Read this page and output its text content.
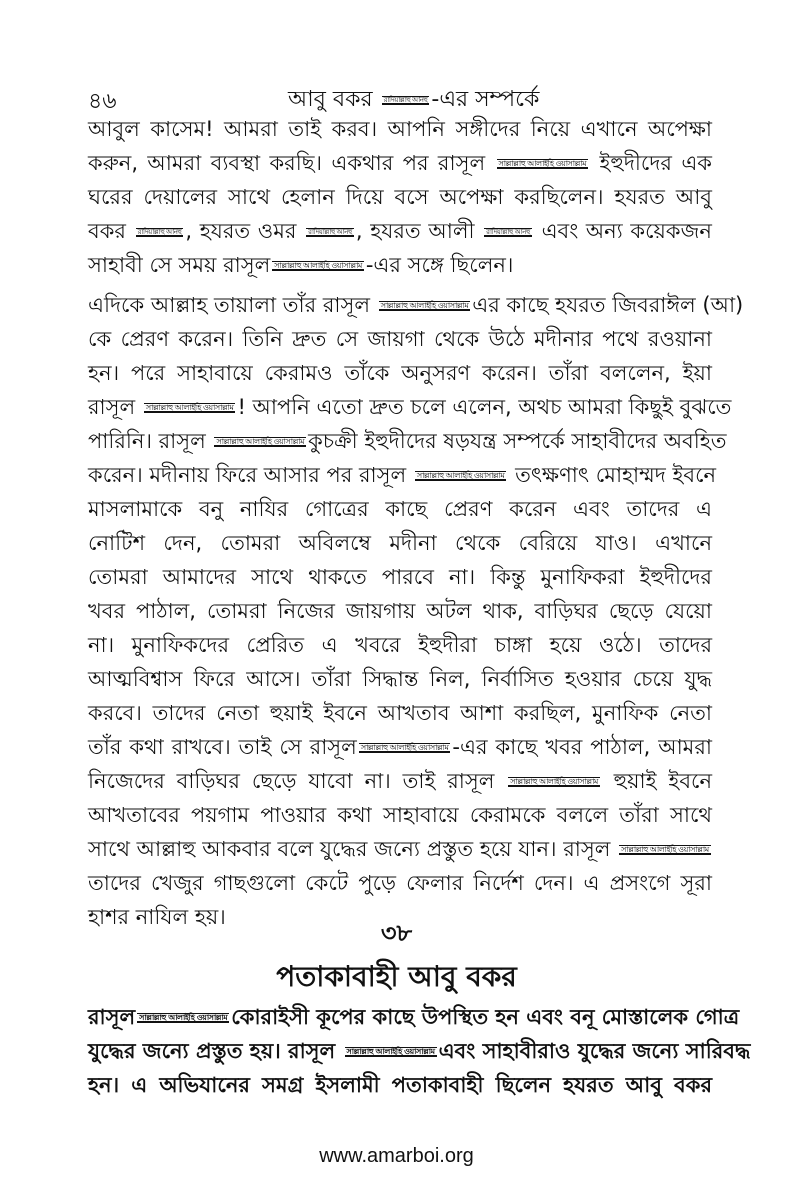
৪৬	আবু বকর রাদিয়াল্লাহু আনহু -এর সম্পর্কে
আবুল কাসেম! আমরা তাই করব। আপনি সঙ্গীদের নিয়ে এখানে অপেক্ষা
করুন, আমরা ব্যবস্থা করছি। একথার পর রাসূল সাল্লাল্লাহু আলাইহি ওয়াসাল্লাম ইহুদীদের এক
ঘরের দেয়ালের সাথে হেলান দিয়ে বসে অপেক্ষা করছিলেন। হযরত আবু
বকর রাদিয়াল্লাহু আনহু , হযরত ওমর রাদিয়াল্লাহু আনহু , হযরত আলী রাদিয়াল্লাহু আনহু এবং অন্য কয়েকজন
সাহাবী সে সময় রাসূল সাল্লাল্লাহু আলাইহি ওয়াসাল্লাম -এর সঙ্গে ছিলেন।
এদিকে আল্লাহ তায়ালা তাঁর রাসূল সাল্লাল্লাহু আলাইহি ওয়াসাল্লাম এর কাছে হযরত জিবরাঈল (আ)
কে প্রেরণ করেন। তিনি দ্রুত সে জায়গা থেকে উঠে মদীনার পথে রওয়ানা
হন। পরে সাহাবায়ে কেরামও তাঁকে অনুসরণ করেন। তাঁরা বললেন, ইয়া
রাসূল সাল্লাল্লাহু আলাইহি ওয়াসাল্লাম ! আপনি এতো দ্রুত চলে এলেন, অথচ আমরা কিছুই বুঝতে
পারিনি। রাসূল সাল্লাল্লাহু আলাইহি ওয়াসাল্লাম কুচক্রী ইহুদীদের ষড়যন্ত্র সম্পর্কে সাহাবীদের অবহিত
করেন। মদীনায় ফিরে আসার পর রাসূল সাল্লাল্লাহু আলাইহি ওয়াসাল্লাম তৎক্ষণাৎ মোহাম্মদ ইবনে
মাসলামাকে বনু নাযির গোত্রের কাছে প্রেরণ করেন এবং তাদের এ
নোটিশ দেন, তোমরা অবিলম্বে মদীনা থেকে বেরিয়ে যাও। এখানে
তোমরা আমাদের সাথে থাকতে পারবে না। কিন্তু মুনাফিকরা ইহুদীদের
খবর পাঠাল, তোমরা নিজের জায়গায় অটল থাক, বাড়িঘর ছেড়ে যেয়ো
না। মুনাফিকদের প্রেরিত এ খবরে ইহুদীরা চাঙ্গা হয়ে ওঠে। তাদের
আত্মবিশ্বাস ফিরে আসে। তাঁরা সিদ্ধান্ত নিল, নির্বাসিত হওয়ার চেয়ে যুদ্ধ
করবে। তাদের নেতা হুয়াই ইবনে আখতাব আশা করছিল, মুনাফিক নেতা
তাঁর কথা রাখবে। তাই সে রাসূল সাল্লাল্লাহু আলাইহি ওয়াসাল্লাম -এর কাছে খবর পাঠাল, আমরা
নিজেদের বাড়িঘর ছেড়ে যাবো না। তাই রাসূল সাল্লাল্লাহু আলাইহি ওয়াসাল্লাম হুয়াই ইবনে
আখতাবের পয়গাম পাওয়ার কথা সাহাবায়ে কেরামকে বললে তাঁরা সাথে
সাথে আল্লাহু আকবার বলে যুদ্ধের জন্যে প্রস্তুত হয়ে যান। রাসূল সাল্লাল্লাহু আলাইহি ওয়াসাল্লাম
তাদের খেজুর গাছগুলো কেটে পুড়ে ফেলার নির্দেশ দেন। এ প্রসংগে সূরা
হাশর নাযিল হয়।
৩৮
পতাকাবাহী আবু বকর
রাসূল সাল্লাল্লাহু আলাইহি ওয়াসাল্লাম কোরাইসী কূপের কাছে উপস্থিত হন এবং বনূ মোস্তালেক গোত্র
যুদ্ধের জন্যে প্রস্তুত হয়। রাসূল সাল্লাল্লাহু আলাইহি ওয়াসাল্লাম এবং সাহাবীরাও যুদ্ধের জন্যে সারিবদ্ধ
হন। এ অভিযানের সমগ্র ইসলামী পতাকাবাহী ছিলেন হযরত আবু বকর
www.amarboi.org
